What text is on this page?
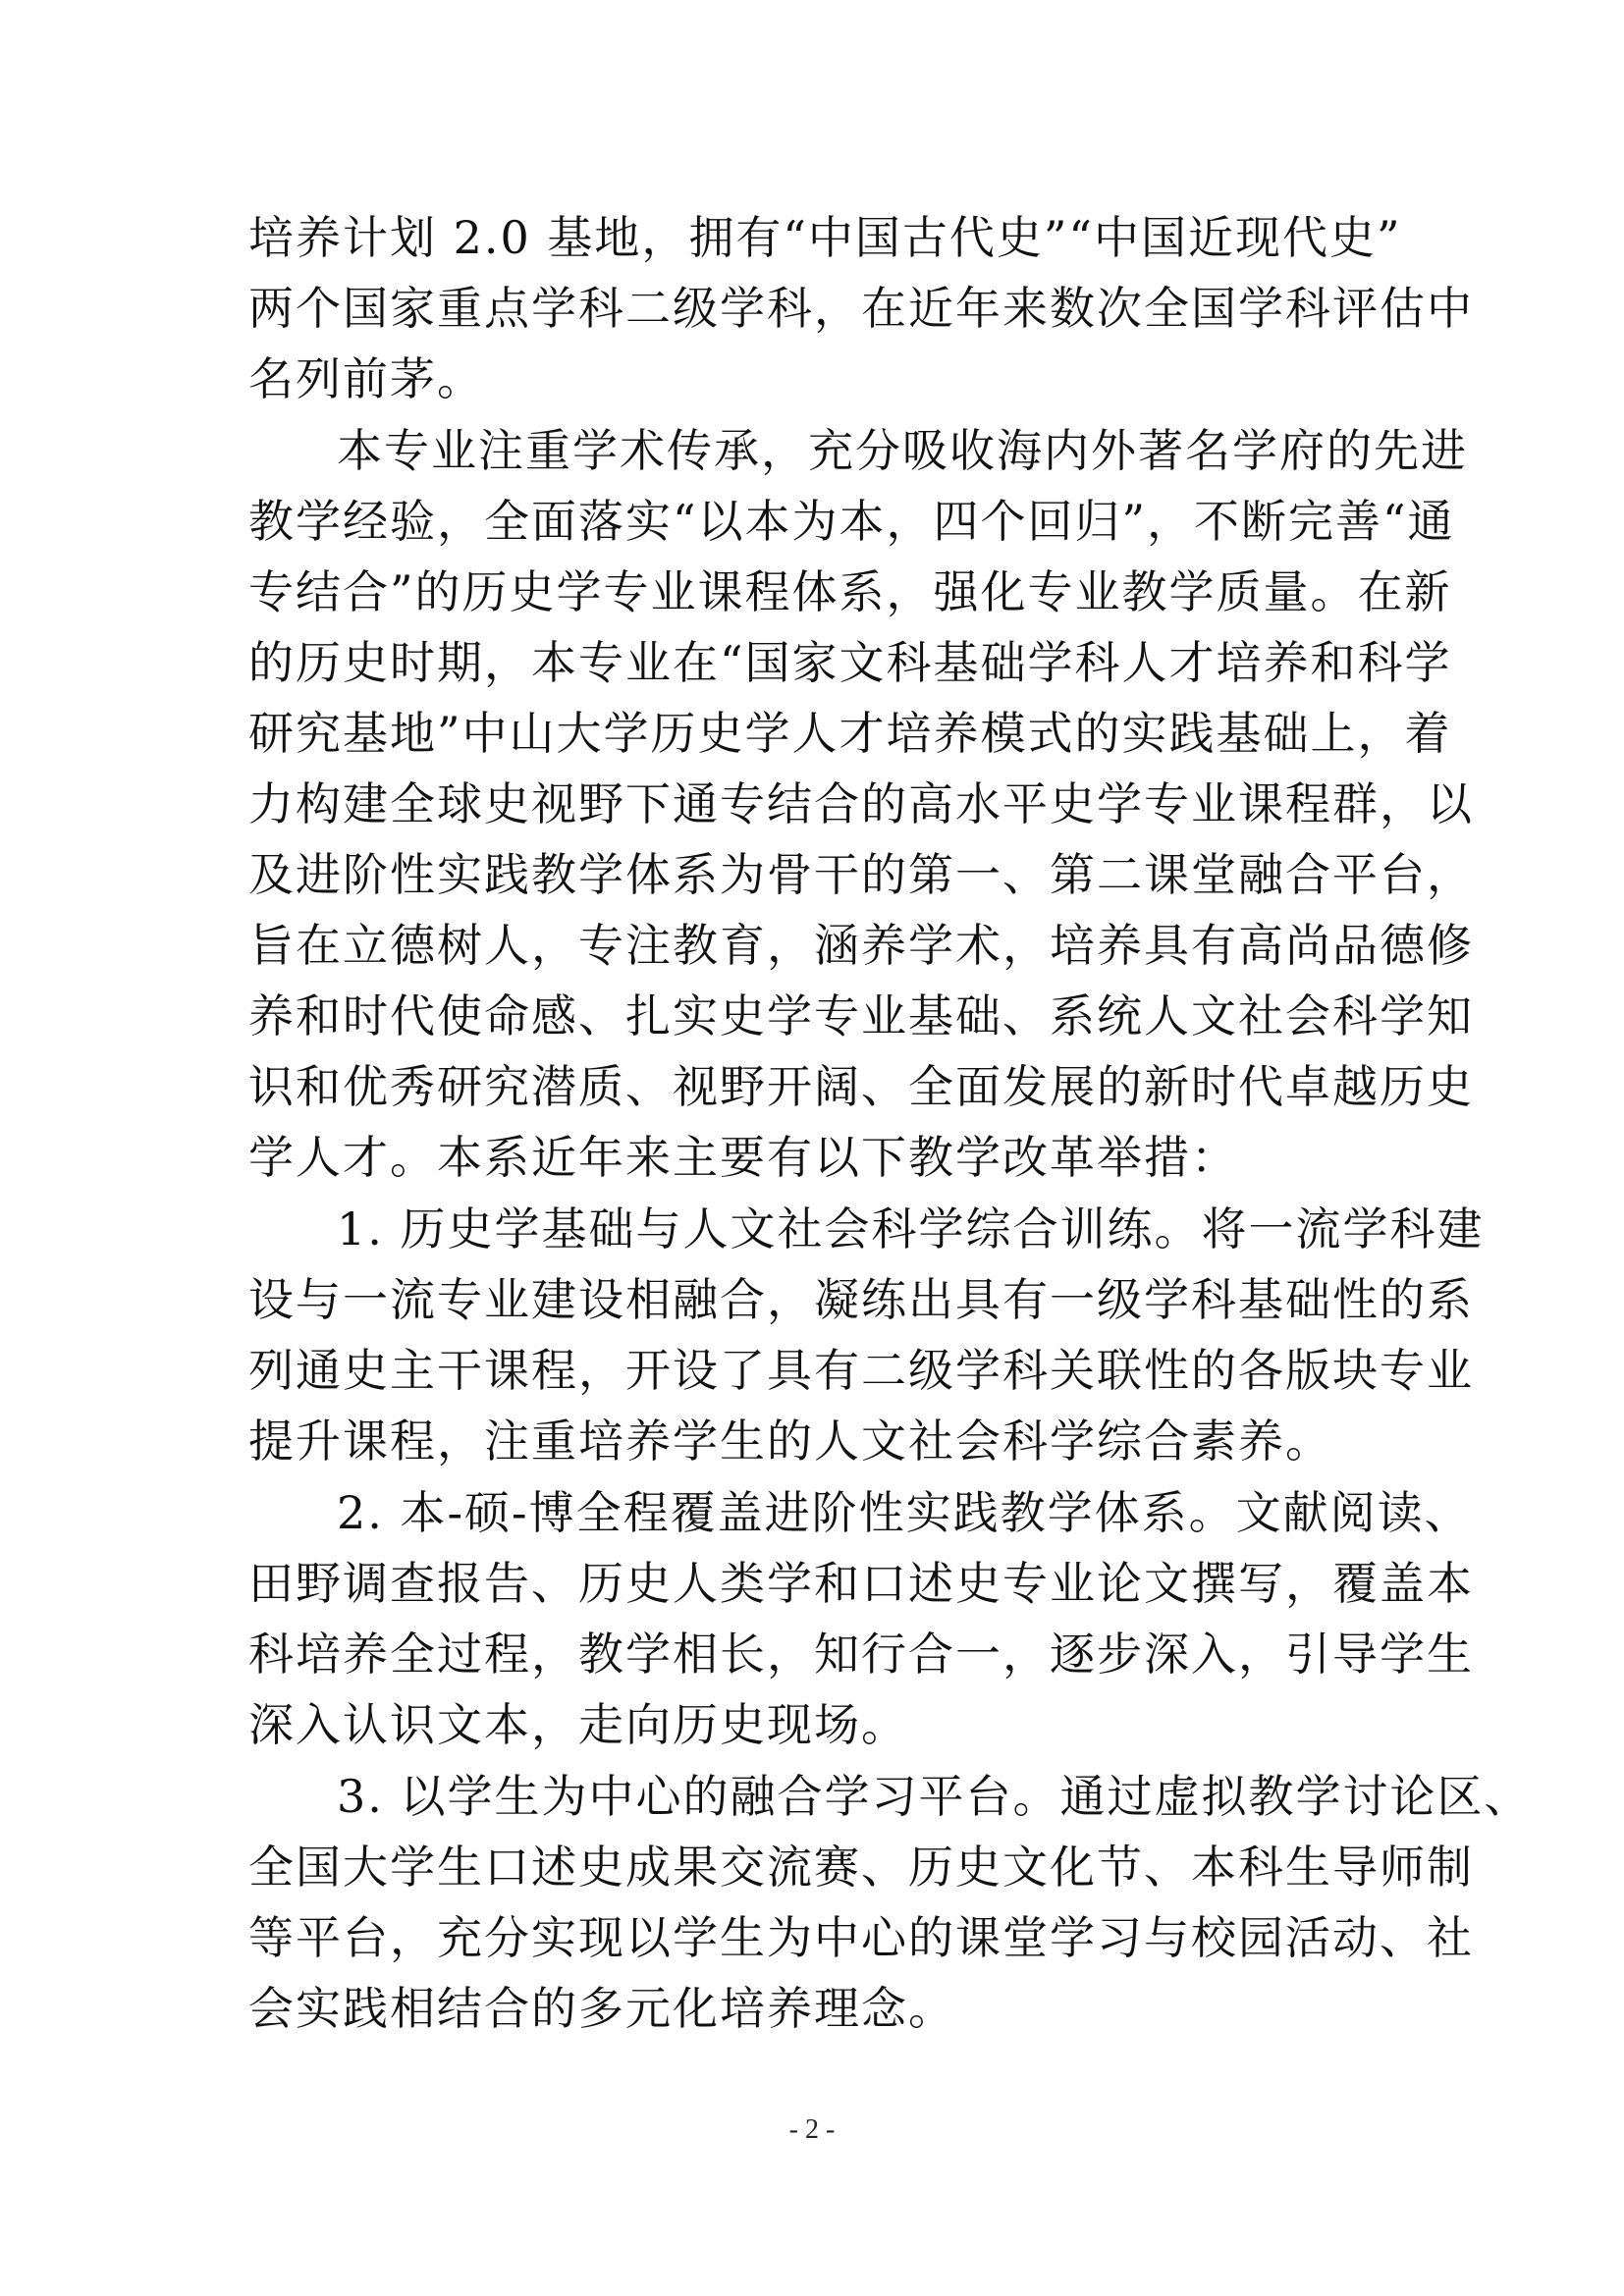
培养计划 2.0 基地，拥有“中国古代史”“中国近现代史”
两个国家重点学科二级学科，在近年来数次全国学科评估中
名列前茅。
本专业注重学术传承，充分吸收海内外著名学府的先进
教学经验，全面落实“以本为本，四个回归”，不断完善“通
专结合”的历史学专业课程体系，强化专业教学质量。在新
的历史时期，本专业在“国家文科基础学科人才培养和科学
研究基地”中山大学历史学人才培养模式的实践基础上，着
力构建全球史视野下通专结合的高水平史学专业课程群，以
及进阶性实践教学体系为骨干的第一、第二课堂融合平台，
旨在立德树人，专注教育，涵养学术，培养具有高尚品德修
养和时代使命感、扎实史学专业基础、系统人文社会科学知
识和优秀研究潜质、视野开阔、全面发展的新时代卓越历史
学人才。本系近年来主要有以下教学改革举措：
1. 历史学基础与人文社会科学综合训练。将一流学科建
设与一流专业建设相融合，凝练出具有一级学科基础性的系
列通史主干课程，开设了具有二级学科关联性的各版块专业
提升课程，注重培养学生的人文社会科学综合素养。
2. 本-硕-博全程覆盖进阶性实践教学体系。文献阅读、
田野调查报告、历史人类学和口述史专业论文撰写，覆盖本
科培养全过程，教学相长，知行合一，逐步深入，引导学生
深入认识文本，走向历史现场。
3. 以学生为中心的融合学习平台。通过虚拟教学讨论区、
全国大学生口述史成果交流赛、历史文化节、本科生导师制
等平台，充分实现以学生为中心的课堂学习与校园活动、社
会实践相结合的多元化培养理念。
- 2 -
